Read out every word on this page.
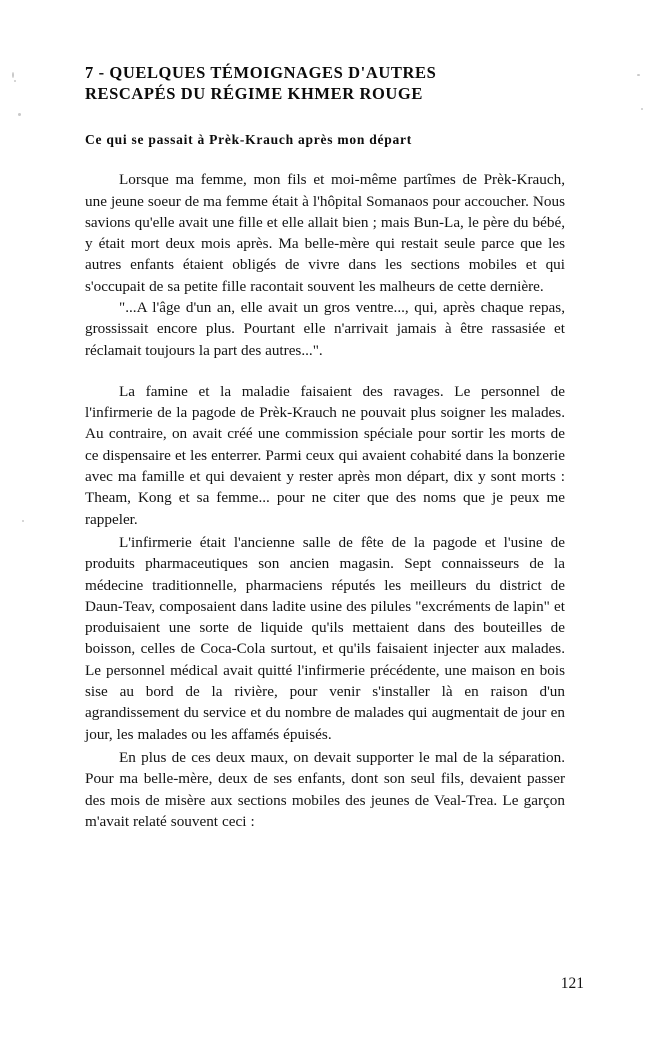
7 - QUELQUES TÉMOIGNAGES D'AUTRES
RESCAPÉS DU RÉGIME KHMER ROUGE
Ce qui se passait à Prèk-Krauch après mon départ

Lorsque ma femme, mon fils et moi-même partîmes de Prèk-Krauch, une jeune soeur de ma femme était à l'hôpital Somanaos pour accoucher. Nous savions qu'elle avait une fille et elle allait bien ; mais Bun-La, le père du bébé, y était mort deux mois après. Ma belle-mère qui restait seule parce que les autres enfants étaient obligés de vivre dans les sections mobiles et qui s'occupait de sa petite fille racontait souvent les malheurs de cette dernière.

"...A l'âge d'un an, elle avait un gros ventre..., qui, après chaque repas, grossissait encore plus. Pourtant elle n'arrivait jamais à être rassasiée et réclamait toujours la part des autres...".

La famine et la maladie faisaient des ravages. Le personnel de l'infirmerie de la pagode de Prèk-Krauch ne pouvait plus soigner les malades. Au contraire, on avait créé une commission spéciale pour sortir les morts de ce dispensaire et les enterrer. Parmi ceux qui avaient cohabité dans la bonzerie avec ma famille et qui devaient y rester après mon départ, dix y sont morts : Theam, Kong et sa femme... pour ne citer que des noms que je peux me rappeler.

L'infirmerie était l'ancienne salle de fête de la pagode et l'usine de produits pharmaceutiques son ancien magasin. Sept connaisseurs de la médecine traditionnelle, pharmaciens réputés les meilleurs du district de Daun-Teav, composaient dans ladite usine des pilules "excréments de lapin" et produisaient une sorte de liquide qu'ils mettaient dans des bouteilles de boisson, celles de Coca-Cola surtout, et qu'ils faisaient injecter aux malades. Le personnel médical avait quitté l'infirmerie précédente, une maison en bois sise au bord de la rivière, pour venir s'installer là en raison d'un agrandissement du service et du nombre de malades qui augmentait de jour en jour, les malades ou les affamés épuisés.

En plus de ces deux maux, on devait supporter le mal de la séparation. Pour ma belle-mère, deux de ses enfants, dont son seul fils, devaient passer des mois de misère aux sections mobiles des jeunes de Veal-Trea. Le garçon m'avait relaté souvent ceci :

121
